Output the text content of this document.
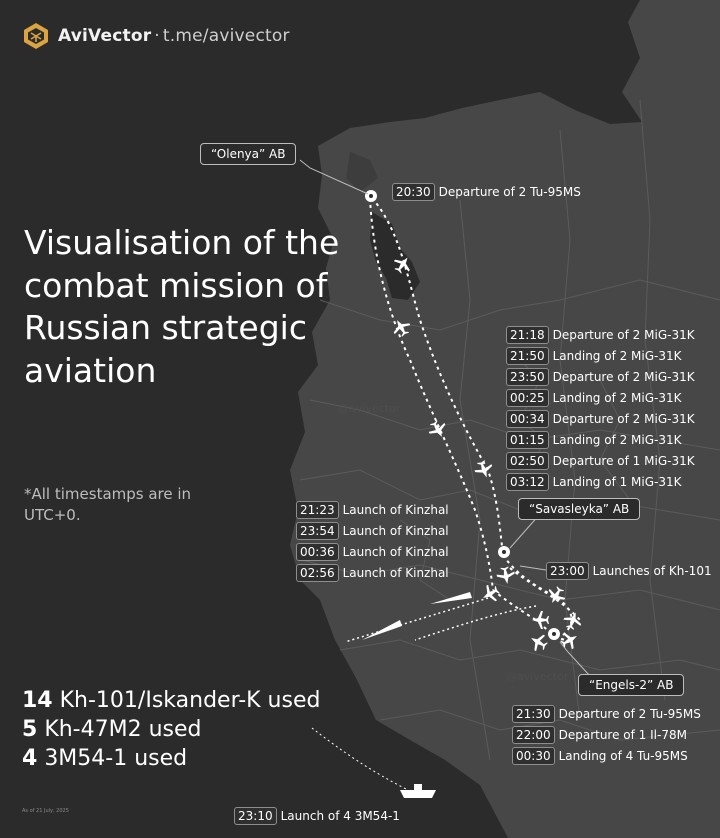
AviVector · t.me/avivector
Visualisation of the combat mission of Russian strategic aviation
*All timestamps are in UTC+0.
14 Kh-101/Iskander-K used
5 Kh-47M2 used
4 3M54-1 used
As of 21 July, 2025
@avivector
@avivector
“Olenya” AB
“Savasleyka” AB
“Engels-2” AB
20:30 Departure of 2 Tu-95MS
21:18 Departure of 2 MiG-31K
21:50 Landing of 2 MiG-31K
23:50 Departure of 2 MiG-31K
00:25 Landing of 2 MiG-31K
00:34 Departure of 2 MiG-31K
01:15 Landing of 2 MiG-31K
02:50 Departure of 1 MiG-31K
03:12 Landing of 1 MiG-31K
21:23 Launch of Kinzhal
23:54 Launch of Kinzhal
00:36 Launch of Kinzhal
02:56 Launch of Kinzhal	23:00 Launches of Kh-101
21:30 Departure of 2 Tu-95MS
22:00 Departure of 1 Il-78M
00:30 Landing of 4 Tu-95MS
23:10 Launch of 4 3M54-1
